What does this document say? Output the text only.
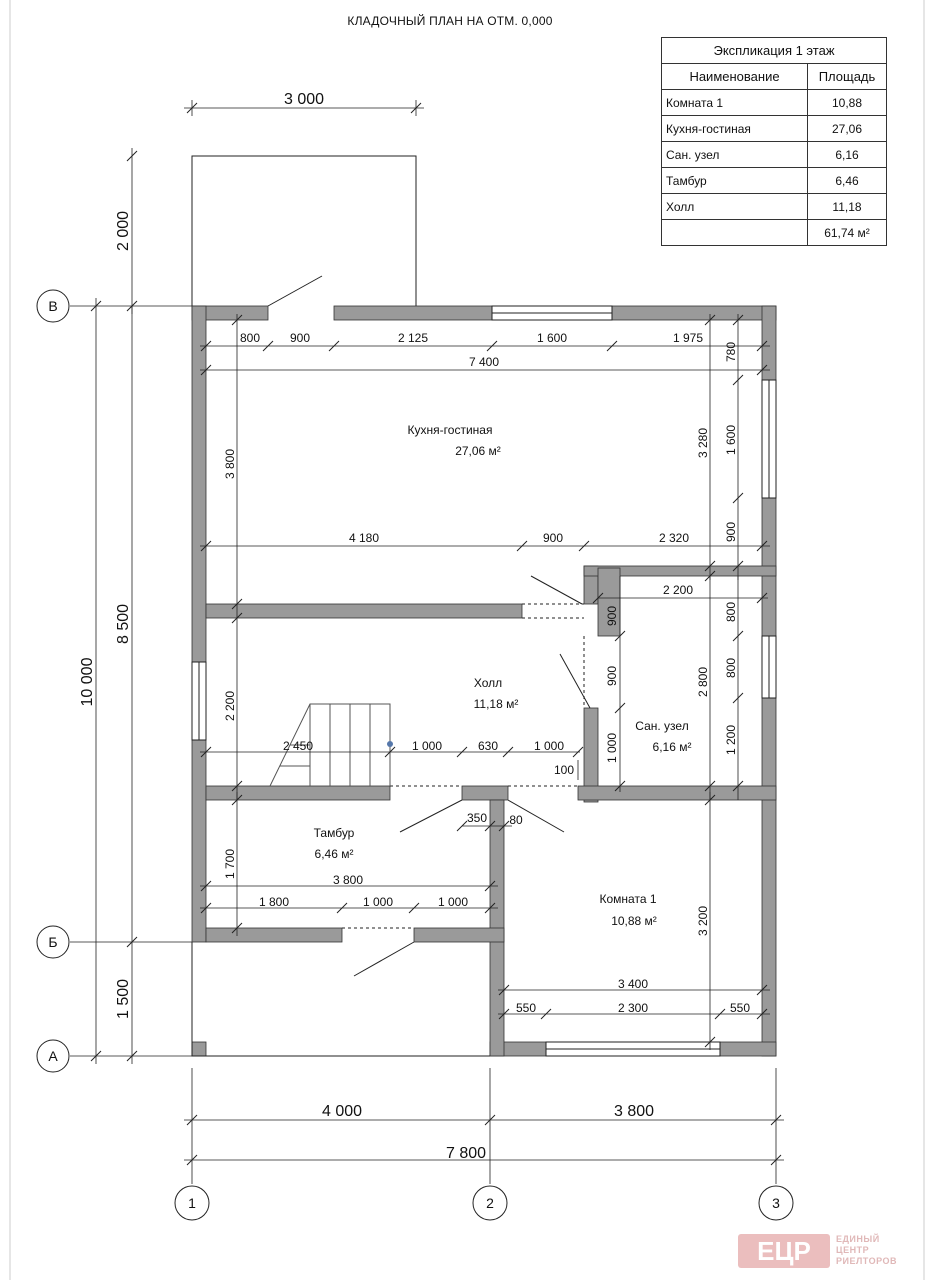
КЛАДОЧНЫЙ ПЛАН НА ОТМ. 0,000
3 000
2 000
800 900	2 125	1 600	1 975
7 400
3 800
3 280
780
1 600
900
4 180	900	2 320
2 200
900
900
1 000
800
800
1 200
2 800
2 200
2 450	1 000	630	1 000
100
350 80
1 700
3 800
1 800	1 000	1 000
3 200
3 400
550	2 300	550
8 500
10 000
1 500
4 000	3 800
7 800
Кухня-гостиная
27,06 м²
Холл
11,18 м²
Сан. узел
6,16 м²
Тамбур
6,46 м²
Комната 1
10,88 м²
В
Б
А
1	2	3
Экспликация 1 этаж	
Наименование	Площадь
Комната 1	10,88
Кухня-гостиная	27,06
Сан. узел	6,16
Тамбур	6,46
Холл	11,18
	61,74 м²
ЕЦР	ЕДИНЫЙ
ЦЕНТР
РИЕЛТОРОВ
